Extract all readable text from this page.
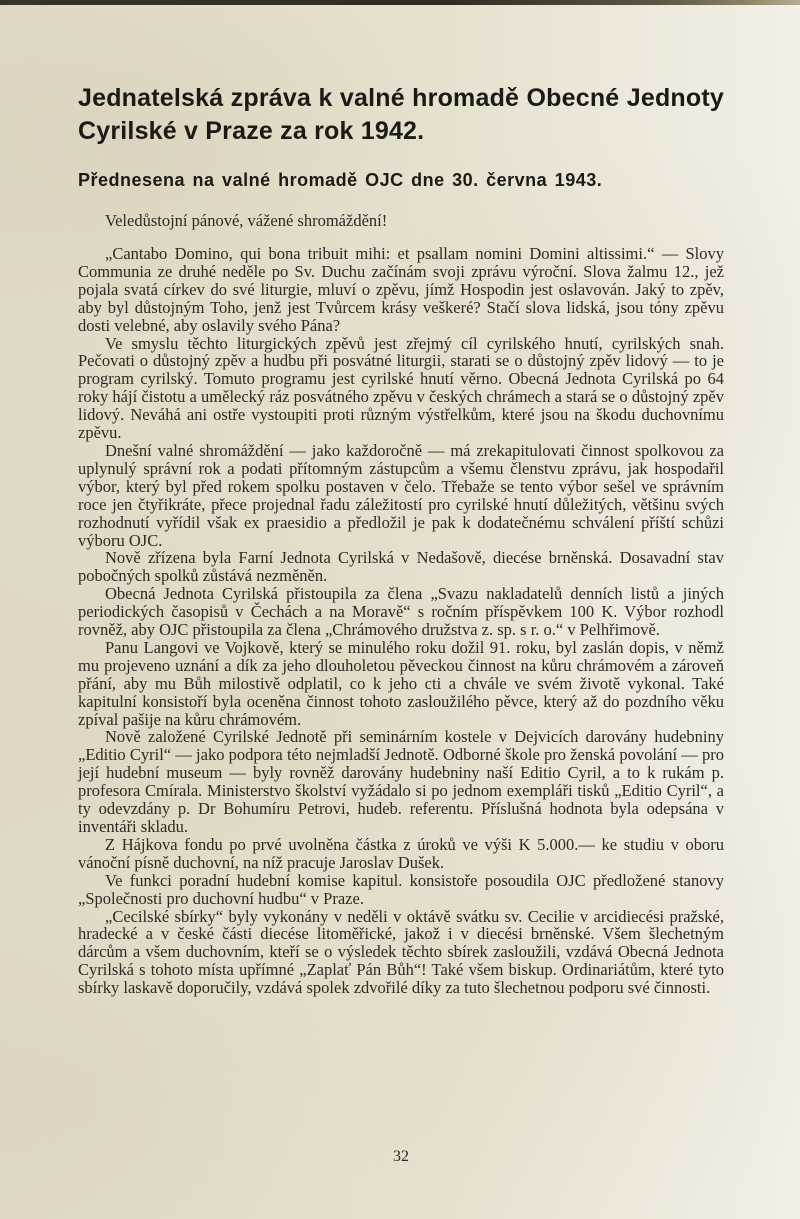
Jednatelská zpráva k valné hromadě Obecné Jednoty Cyrilské v Praze za rok 1942.
Přednesena na valné hromadě OJC dne 30. června 1943.

Veledůstojní pánové, vážené shromáždění!

„Cantabo Domino, qui bona tribuit mihi: et psallam nomini Domini altissimi.“ — Slovy Communia ze druhé neděle po Sv. Duchu začínám svoji zprávu výroční. Slova žalmu 12., jež pojala svatá církev do své liturgie, mluví o zpěvu, jímž Hospodin jest oslavován. Jaký to zpěv, aby byl důstojným Toho, jenž jest Tvůrcem krásy veškeré? Stačí slova lidská, jsou tóny zpěvu dosti velebné, aby oslavily svého Pána?

Ve smyslu těchto liturgických zpěvů jest zřejmý cíl cyrilského hnutí, cyrilských snah. Pečovati o důstojný zpěv a hudbu při posvátné liturgii, starati se o důstojný zpěv lidový — to je program cyrilský. Tomuto programu jest cyrilské hnutí věrno. Obecná Jednota Cyrilská po 64 roky hájí čistotu a umělecký ráz posvátného zpěvu v českých chrámech a stará se o důstojný zpěv lidový. Neváhá ani ostře vystoupiti proti různým výstřelkům, které jsou na škodu duchovnímu zpěvu.

Dnešní valné shromáždění — jako každoročně — má zrekapitulovati činnost spolkovou za uplynulý správní rok a podati přítomným zástupcům a všemu členstvu zprávu, jak hospodařil výbor, který byl před rokem spolku postaven v čelo. Třebaže se tento výbor sešel ve správním roce jen čtyřikráte, přece projednal řadu záležitostí pro cyrilské hnutí důležitých, většinu svých rozhodnutí vyřídil však ex praesidio a předložil je pak k dodatečnému schválení příští schůzi výboru OJC.

Nově zřízena byla Farní Jednota Cyrilská v Nedašově, diecése brněnská. Dosavadní stav pobočných spolků zůstává nezměněn.

Obecná Jednota Cyrilská přistoupila za člena „Svazu nakladatelů denních listů a jiných periodických časopisů v Čechách a na Moravě“ s ročním příspěvkem 100 K. Výbor rozhodl rovněž, aby OJC přistoupila za člena „Chrámového družstva z. sp. s r. o.“ v Pelhřimově.

Panu Langovi ve Vojkově, který se minulého roku dožil 91. roku, byl zaslán dopis, v němž mu projeveno uznání a dík za jeho dlouholetou pěveckou činnost na kůru chrámovém a zároveň přání, aby mu Bůh milostivě odplatil, co k jeho cti a chvále ve svém životě vykonal. Také kapitulní konsistoří byla oceněna činnost tohoto zasloužilého pěvce, který až do pozdního věku zpíval pašije na kůru chrámovém.

Nově založené Cyrilské Jednotě při seminárním kostele v Dejvicích darovány hudebniny „Editio Cyril“ — jako podpora této nejmladší Jednotě. Odborné škole pro ženská povolání — pro její hudební museum — byly rovněž darovány hudebniny naší Editio Cyril, a to k rukám p. profesora Cmírala. Ministerstvo školství vyžádalo si po jednom exempláři tisků „Editio Cyril“, a ty odevzdány p. Dr Bohumíru Petrovi, hudeb. referentu. Příslušná hodnota byla odepsána v inventáři skladu.

Z Hájkova fondu po prvé uvolněna částka z úroků ve výši K 5.000.— ke studiu v oboru vánoční písně duchovní, na níž pracuje Jaroslav Dušek.

Ve funkci poradní hudební komise kapitul. konsistoře posoudila OJC předložené stanovy „Společnosti pro duchovní hudbu“ v Praze.

„Cecilské sbírky“ byly vykonány v neděli v oktávě svátku sv. Cecilie v arcidiecési pražské, hradecké a v české části diecése litoměřické, jakož i v diecési brněnské. Všem šlechetným dárcům a všem duchovním, kteří se o výsledek těchto sbírek zasloužili, vzdává Obecná Jednota Cyrilská s tohoto místa upřímné „Zaplať Pán Bůh“! Také všem biskup. Ordinariátům, které tyto sbírky laskavě doporučily, vzdává spolek zdvořilé díky za tuto šlechetnou podporu své činnosti.

32
